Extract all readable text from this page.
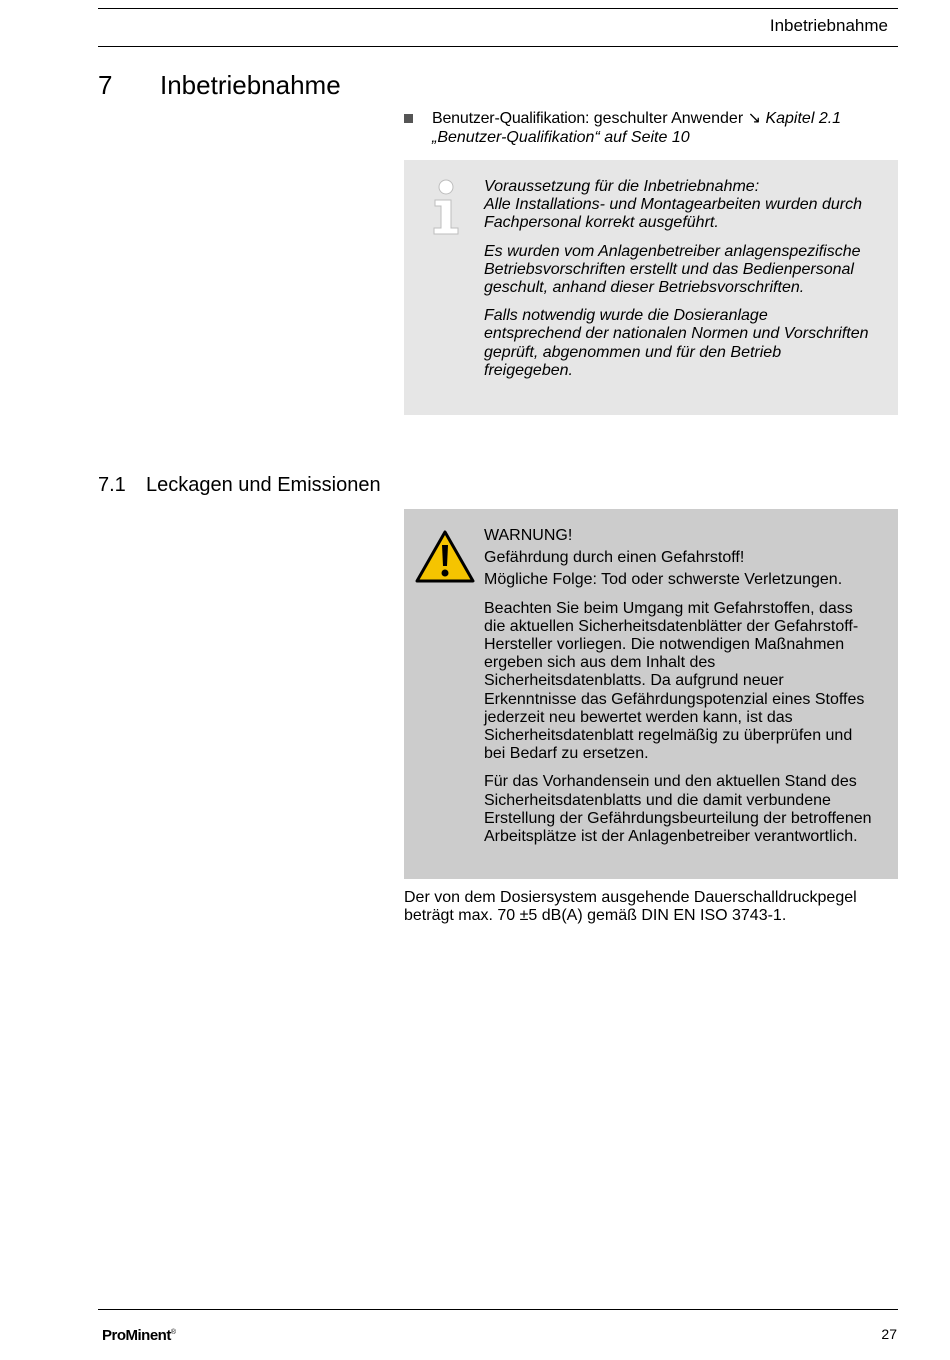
Inbetriebnahme
7 Inbetriebnahme
Benutzer-Qualifikation: geschulter Anwender ↘ Kapitel 2.1 „Benutzer-Qualifikation“ auf Seite 10

Voraussetzung für die Inbetriebnahme:
Alle Installations- und Montagearbeiten wurden durch Fachpersonal korrekt ausgeführt.

Es wurden vom Anlagenbetreiber anlagenspezifische Betriebsvorschriften erstellt und das Bedienpersonal geschult, anhand dieser Betriebsvorschriften.

Falls notwendig wurde die Dosieranlage entsprechend der nationalen Normen und Vorschriften geprüft, abgenommen und für den Betrieb freigegeben.

7.1 Leckagen und Emissionen
WARNUNG!
Gefährdung durch einen Gefahrstoff!

Mögliche Folge: Tod oder schwerste Verletzungen.

Beachten Sie beim Umgang mit Gefahrstoffen, dass die aktuellen Sicherheitsdatenblätter der Gefahrstoff-Hersteller vorliegen. Die notwendigen Maßnahmen ergeben sich aus dem Inhalt des Sicherheitsdatenblatts. Da aufgrund neuer Erkenntnisse das Gefährdungspotenzial eines Stoffes jederzeit neu bewertet werden kann, ist das Sicherheitsdatenblatt regelmäßig zu überprüfen und bei Bedarf zu ersetzen.

Für das Vorhandensein und den aktuellen Stand des Sicherheitsdatenblatts und die damit verbundene Erstellung der Gefährdungsbeurteilung der betroffenen Arbeitsplätze ist der Anlagenbetreiber verantwortlich.

Der von dem Dosiersystem ausgehende Dauerschalldruckpegel beträgt max. 70 ±5 dB(A) gemäß DIN EN ISO 3743-1.
ProMinent®	27
